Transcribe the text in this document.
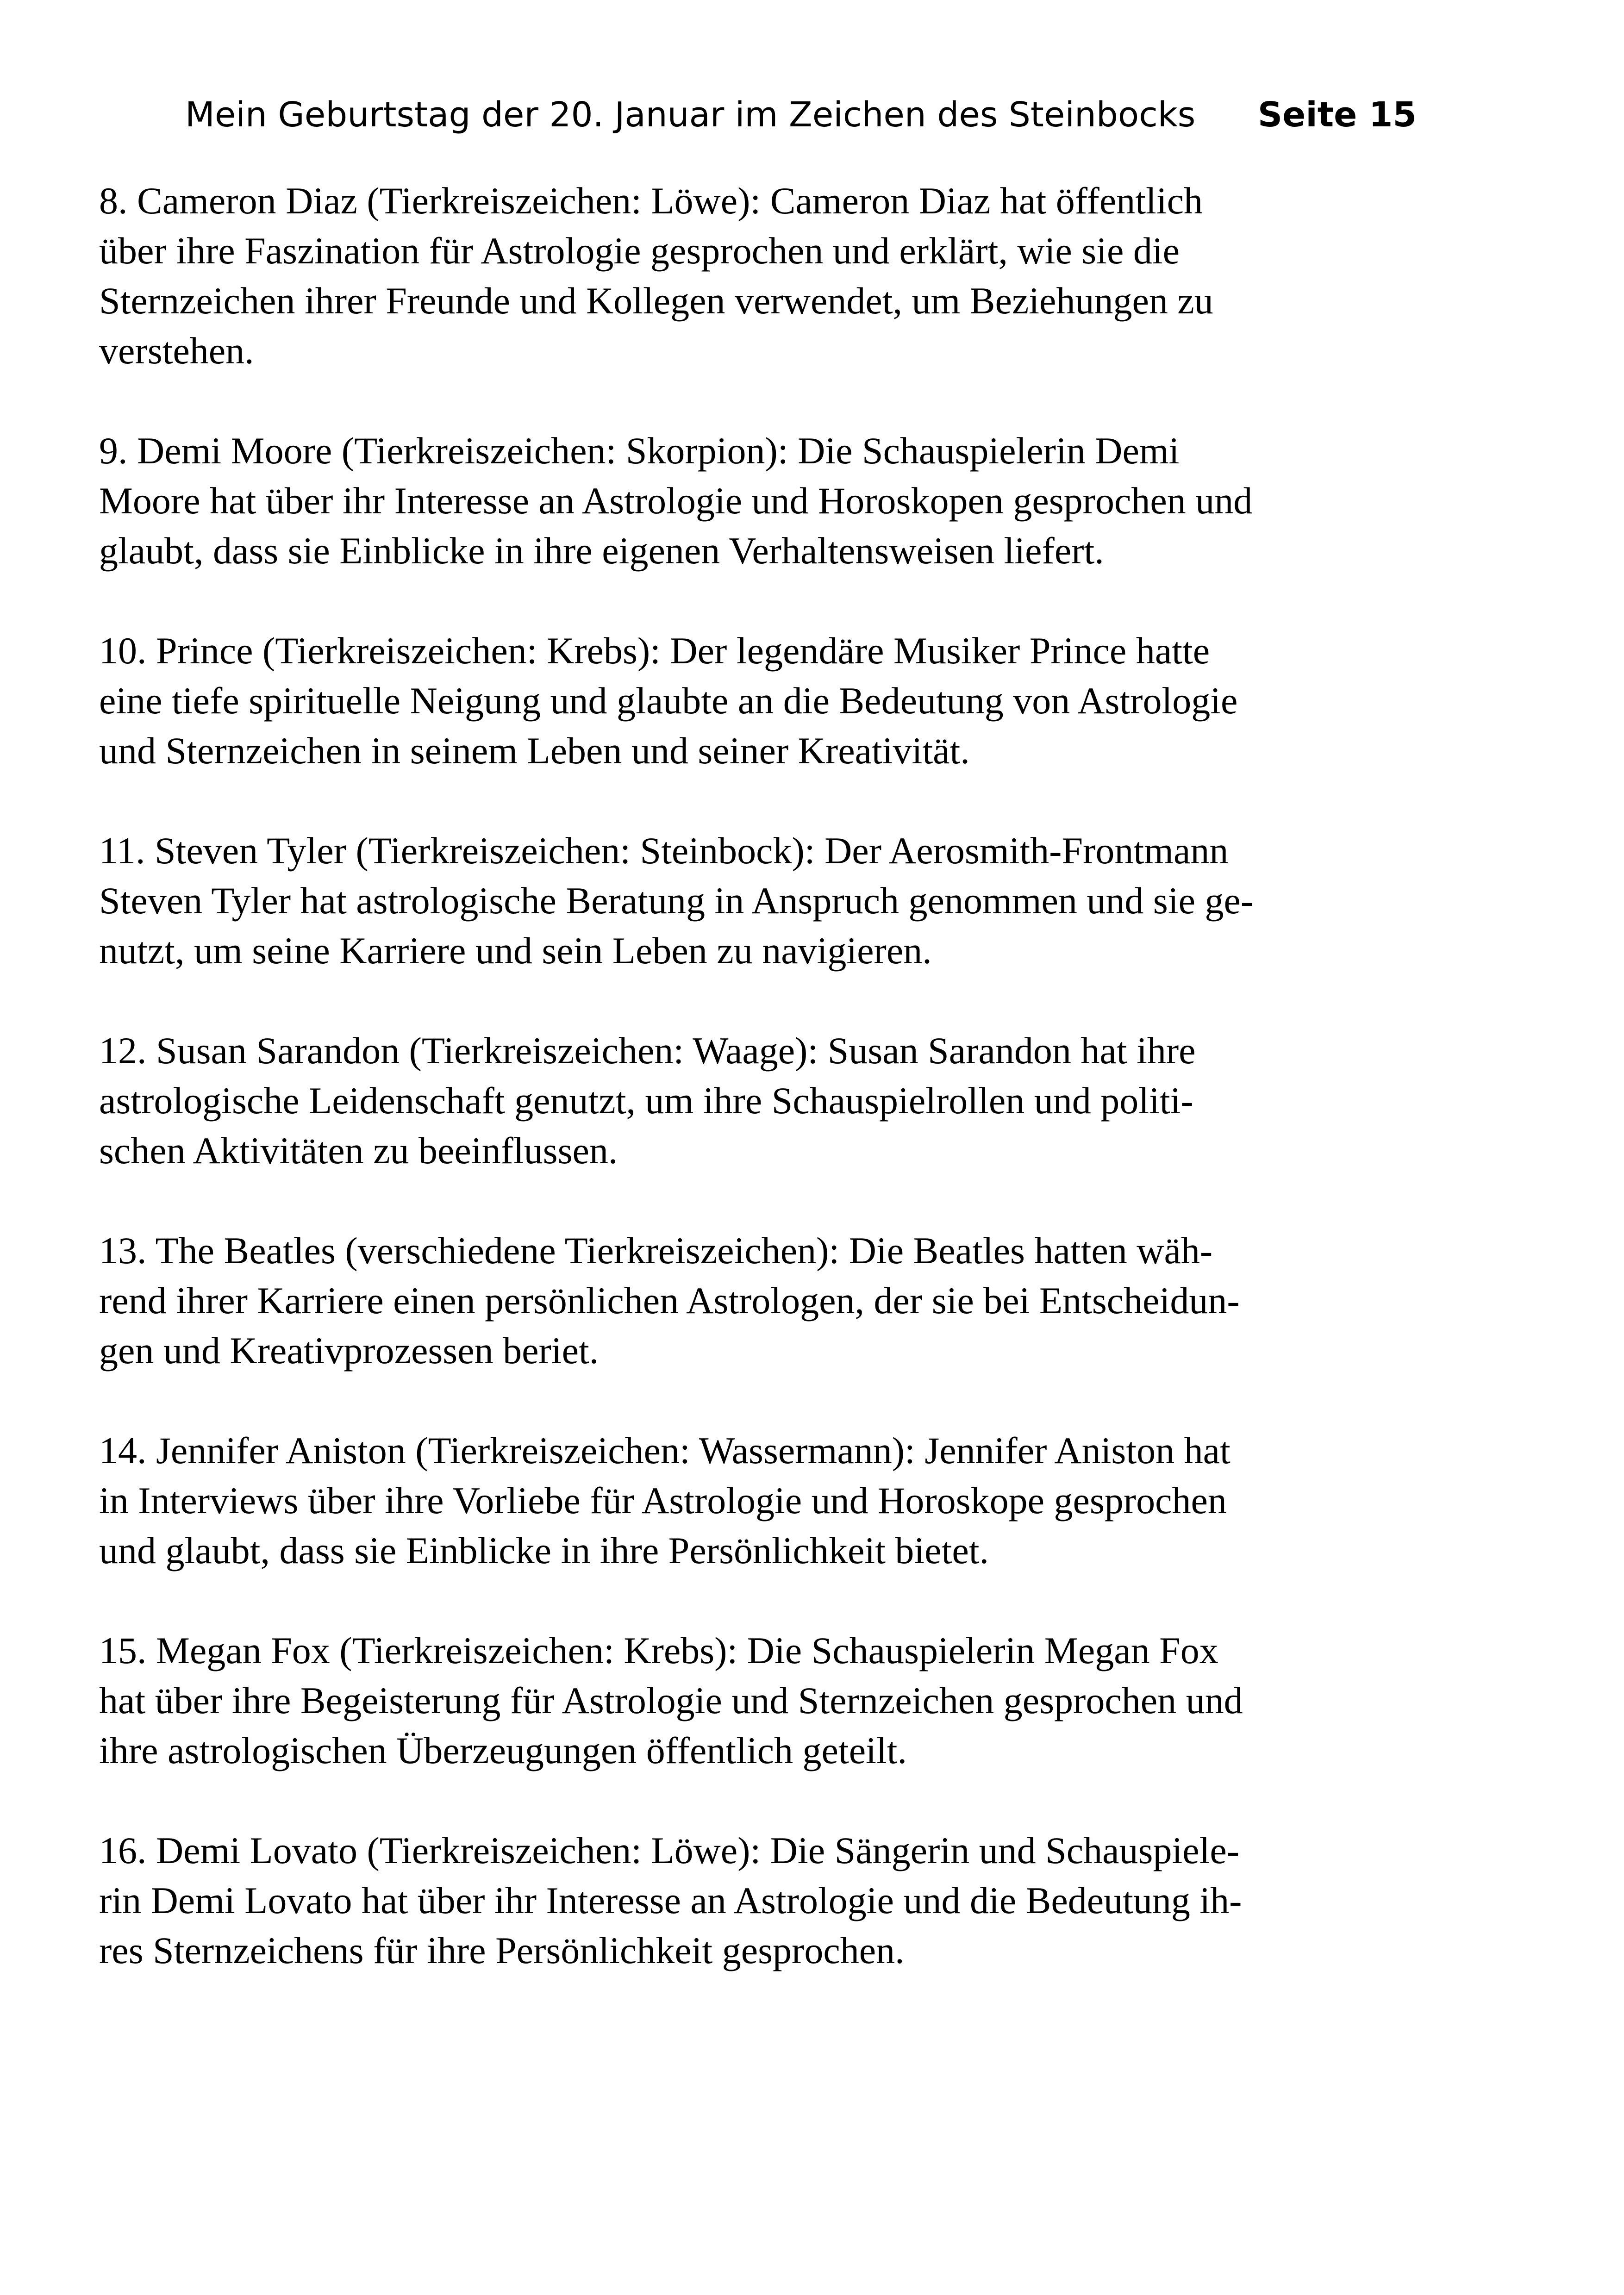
Mein Geburtstag der 20. Januar im Zeichen des Steinbocks Seite 15

8. Cameron Diaz (Tierkreiszeichen: Löwe): Cameron Diaz hat öffentlich
über ihre Faszination für Astrologie gesprochen und erklärt, wie sie die
Sternzeichen ihrer Freunde und Kollegen verwendet, um Beziehungen zu
verstehen.

9. Demi Moore (Tierkreiszeichen: Skorpion): Die Schauspielerin Demi
Moore hat über ihr Interesse an Astrologie und Horoskopen gesprochen und
glaubt, dass sie Einblicke in ihre eigenen Verhaltensweisen liefert.

10. Prince (Tierkreiszeichen: Krebs): Der legendäre Musiker Prince hatte
eine tiefe spirituelle Neigung und glaubte an die Bedeutung von Astrologie
und Sternzeichen in seinem Leben und seiner Kreativität.

11. Steven Tyler (Tierkreiszeichen: Steinbock): Der Aerosmith-Frontmann
Steven Tyler hat astrologische Beratung in Anspruch genommen und sie ge-
nutzt, um seine Karriere und sein Leben zu navigieren.

12. Susan Sarandon (Tierkreiszeichen: Waage): Susan Sarandon hat ihre
astrologische Leidenschaft genutzt, um ihre Schauspielrollen und politi-
schen Aktivitäten zu beeinflussen.

13. The Beatles (verschiedene Tierkreiszeichen): Die Beatles hatten wäh-
rend ihrer Karriere einen persönlichen Astrologen, der sie bei Entscheidun-
gen und Kreativprozessen beriet.

14. Jennifer Aniston (Tierkreiszeichen: Wassermann): Jennifer Aniston hat
in Interviews über ihre Vorliebe für Astrologie und Horoskope gesprochen
und glaubt, dass sie Einblicke in ihre Persönlichkeit bietet.

15. Megan Fox (Tierkreiszeichen: Krebs): Die Schauspielerin Megan Fox
hat über ihre Begeisterung für Astrologie und Sternzeichen gesprochen und
ihre astrologischen Überzeugungen öffentlich geteilt.

16. Demi Lovato (Tierkreiszeichen: Löwe): Die Sängerin und Schauspiele-
rin Demi Lovato hat über ihr Interesse an Astrologie und die Bedeutung ih-
res Sternzeichens für ihre Persönlichkeit gesprochen.
